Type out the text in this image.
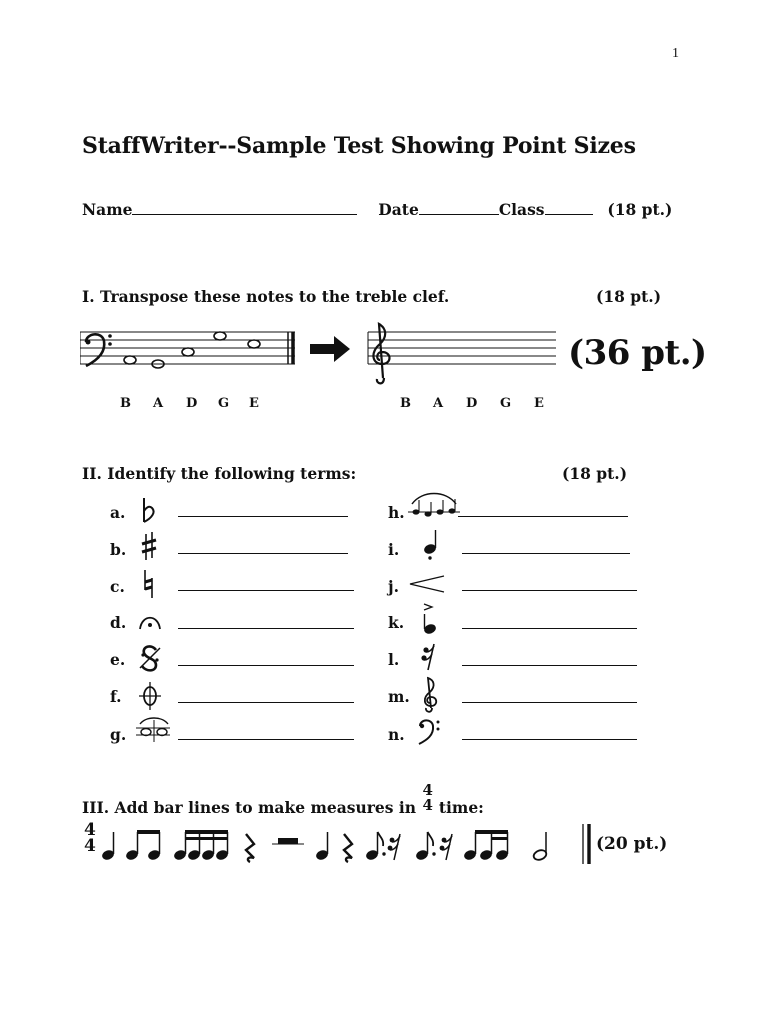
1
StaffWriter--Sample Test Showing Point Sizes
Name	Date	Class	(18 pt.)
I. Transpose these notes to the treble clef.	(18 pt.)
(36 pt.)
B A D G E	B A D G E
II. Identify the following terms:	(18 pt.)
a.
b.
c.
d.
e.
f.
g.
h.
i.
j.
k.
l.
m.
n.
III. Add bar lines to make measures in
4
4 time:
4
4	(20 pt.)
